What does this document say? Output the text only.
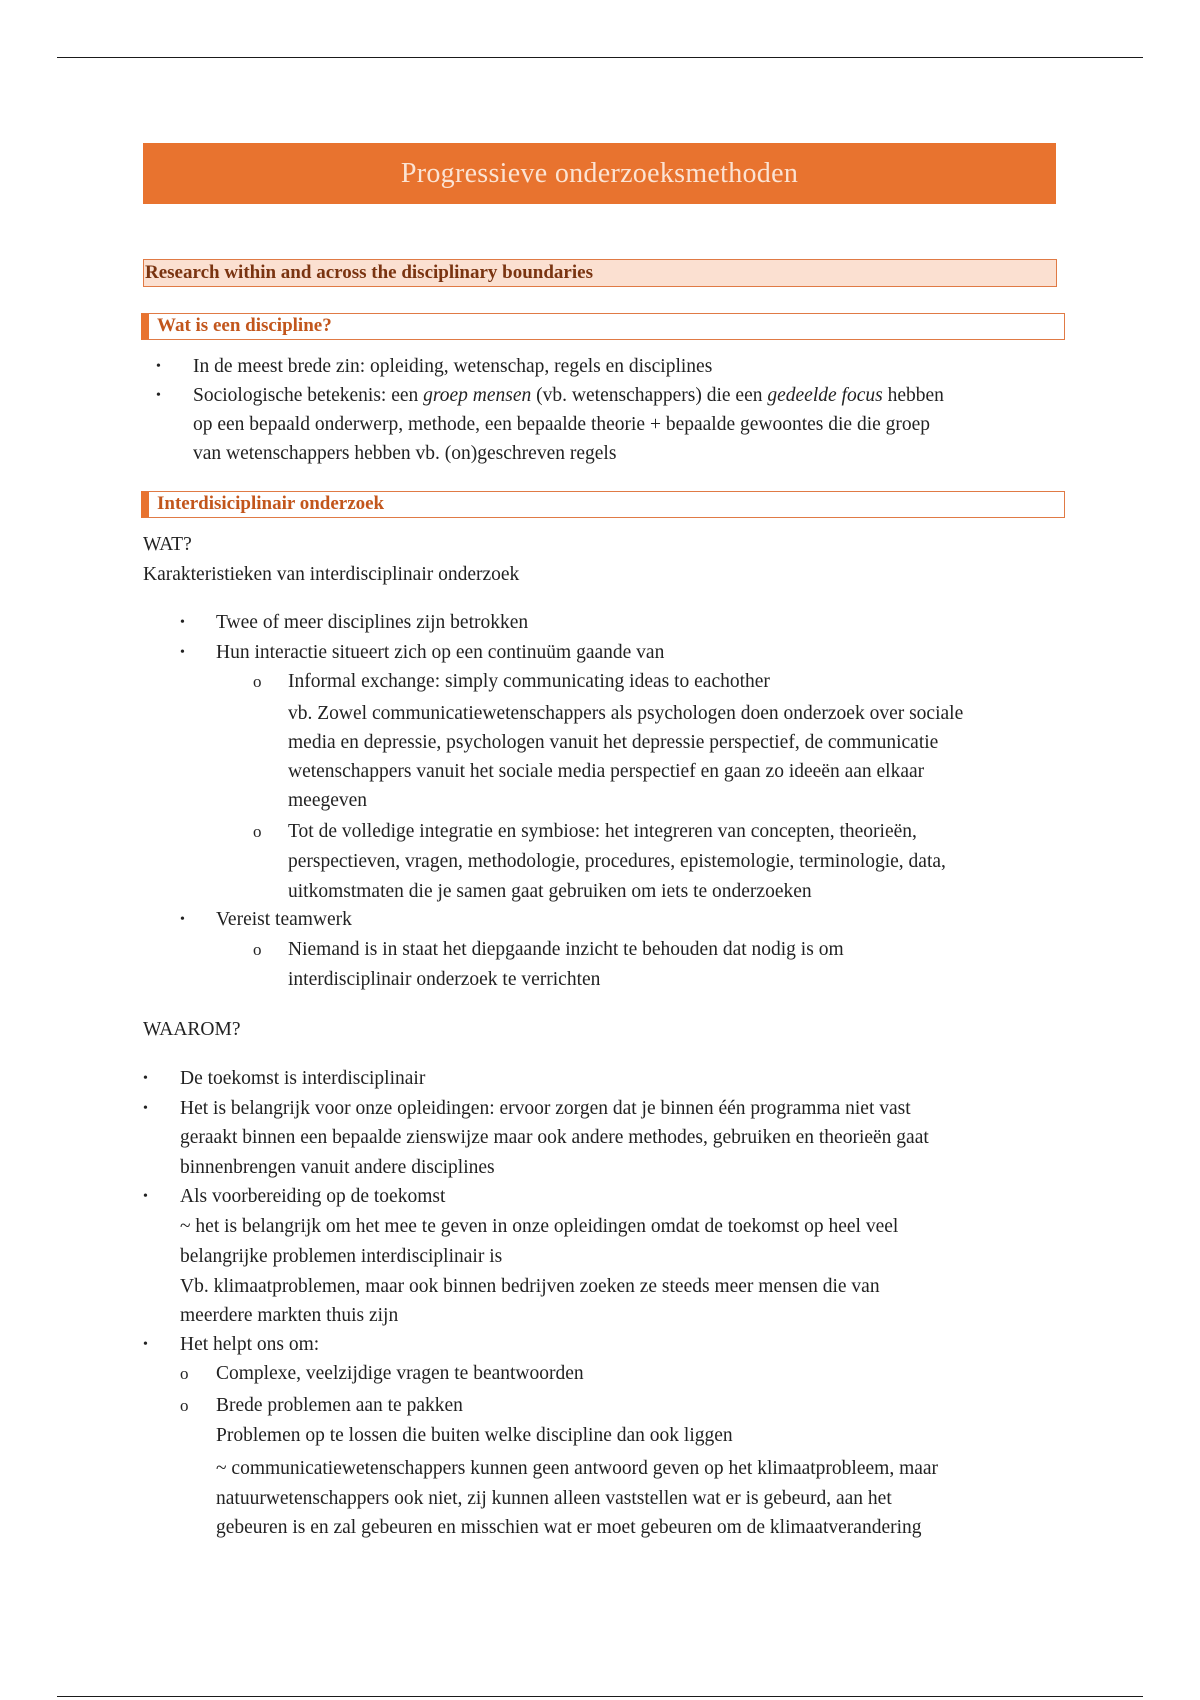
Progressieve onderzoeksmethoden
Research within and across the disciplinary boundaries
Wat is een discipline?
• In de meest brede zin: opleiding, wetenschap, regels en disciplines
• Sociologische betekenis: een groep mensen (vb. wetenschappers) die een gedeelde focus hebben
op een bepaald onderwerp, methode, een bepaalde theorie + bepaalde gewoontes die die groep
van wetenschappers hebben vb. (on)geschreven regels
Interdisiciplinair onderzoek
WAT?
Karakteristieken van interdisciplinair onderzoek
• Twee of meer disciplines zijn betrokken
• Hun interactie situeert zich op een continuüm gaande van
o Informal exchange: simply communicating ideas to eachother
vb. Zowel communicatiewetenschappers als psychologen doen onderzoek over sociale
media en depressie, psychologen vanuit het depressie perspectief, de communicatie
wetenschappers vanuit het sociale media perspectief en gaan zo ideeën aan elkaar
meegeven
o Tot de volledige integratie en symbiose: het integreren van concepten, theorieën,
perspectieven, vragen, methodologie, procedures, epistemologie, terminologie, data,
uitkomstmaten die je samen gaat gebruiken om iets te onderzoeken
• Vereist teamwerk
o Niemand is in staat het diepgaande inzicht te behouden dat nodig is om
interdisciplinair onderzoek te verrichten
WAAROM?
• De toekomst is interdisciplinair
• Het is belangrijk voor onze opleidingen: ervoor zorgen dat je binnen één programma niet vast
geraakt binnen een bepaalde zienswijze maar ook andere methodes, gebruiken en theorieën gaat
binnenbrengen vanuit andere disciplines
• Als voorbereiding op de toekomst
~ het is belangrijk om het mee te geven in onze opleidingen omdat de toekomst op heel veel
belangrijke problemen interdisciplinair is
Vb. klimaatproblemen, maar ook binnen bedrijven zoeken ze steeds meer mensen die van
meerdere markten thuis zijn
• Het helpt ons om:
o Complexe, veelzijdige vragen te beantwoorden
o Brede problemen aan te pakken
Problemen op te lossen die buiten welke discipline dan ook liggen
~ communicatiewetenschappers kunnen geen antwoord geven op het klimaatprobleem, maar
natuurwetenschappers ook niet, zij kunnen alleen vaststellen wat er is gebeurd, aan het
gebeuren is en zal gebeuren en misschien wat er moet gebeuren om de klimaatverandering
